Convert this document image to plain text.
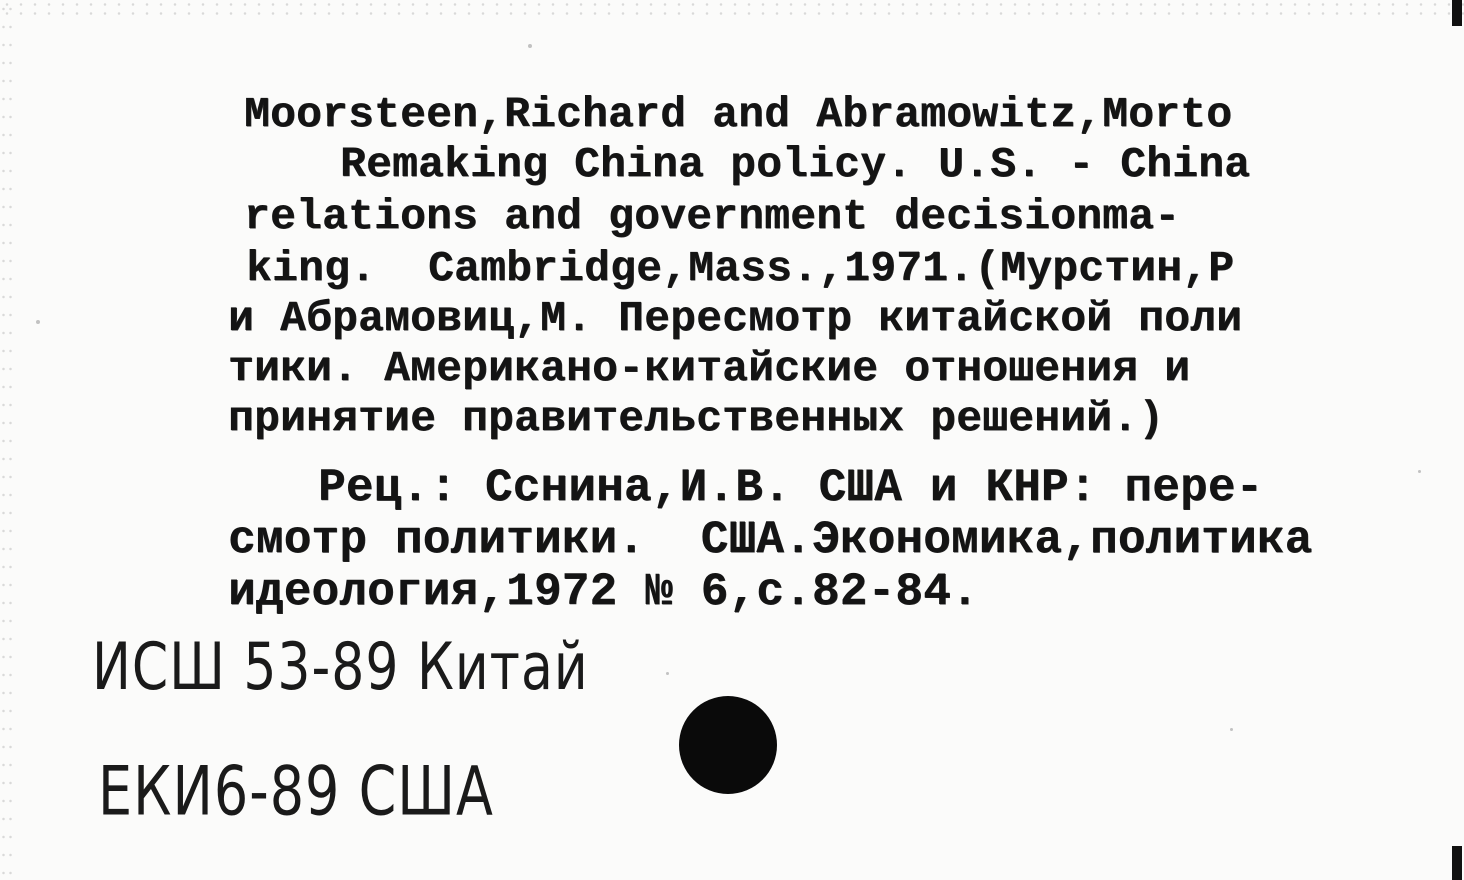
Moorsteen,Richard and Abramowitz,Morto
Remaking China policy. U.S. - China
relations and government decisionma-
king.  Cambridge,Mass.,1971.(Мурстин,Р
и Абрамовиц,М. Пересмотр китайской поли
тики. Американо-китайские отношения и
принятие правительственных решений.)
Рец.: Сснина,И.В. США и КНР: пере-
смотр политики.  США.Экономика,политика
идеология,1972 № 6,с.82-84.
ИСШ 53-89 Китай
ЕКИ6-89 США
